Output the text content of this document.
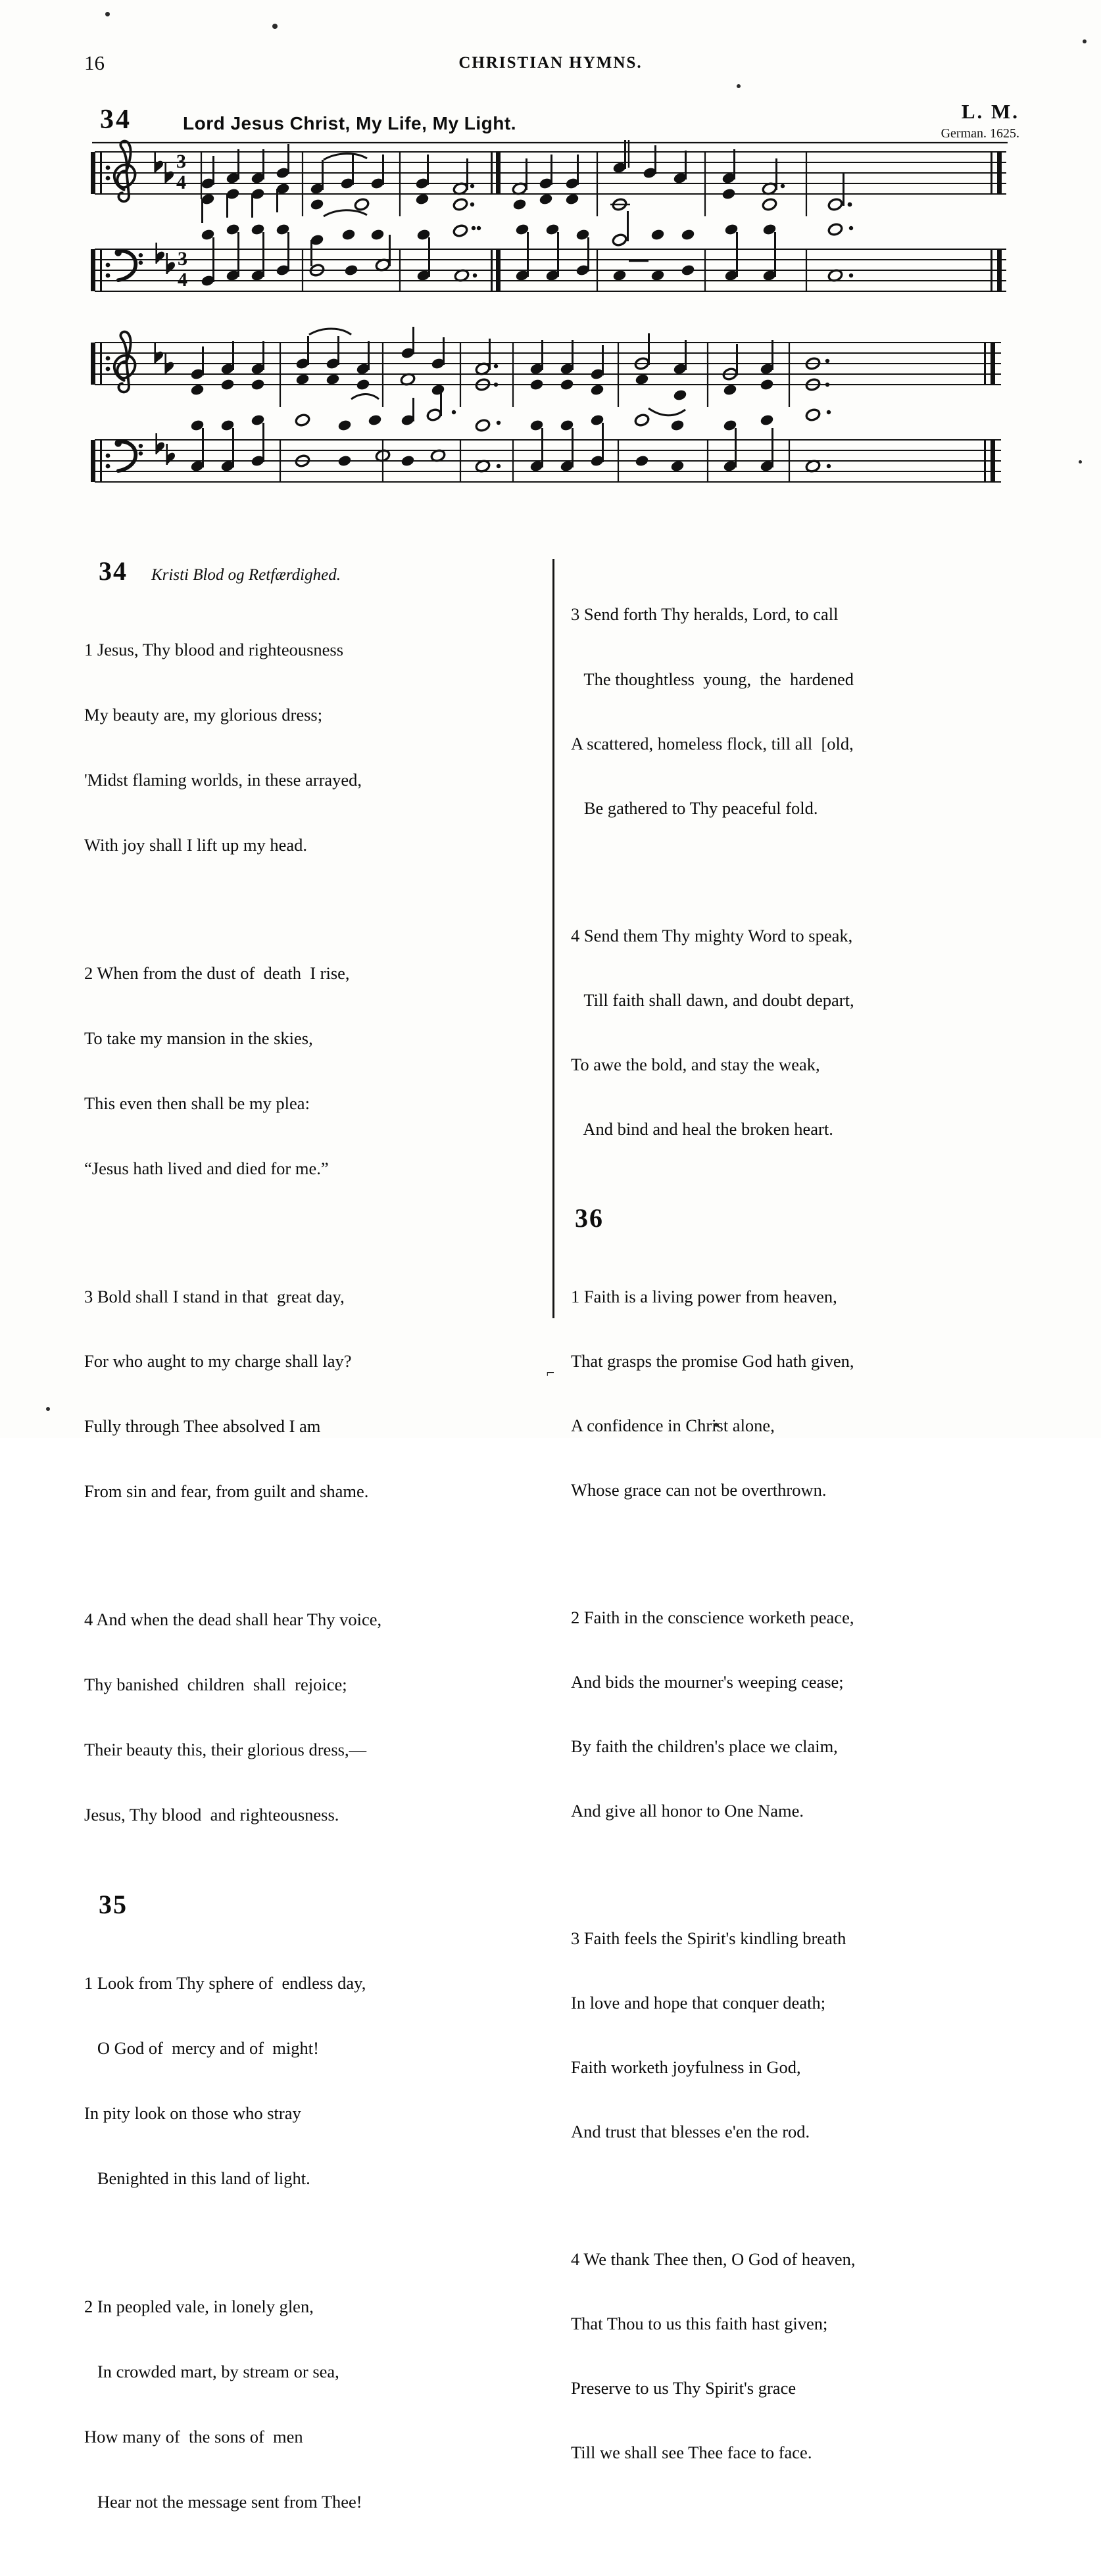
16	CHRISTIAN HYMNS.
34	Lord Jesus Christ, My Life, My Light.
L. M.
German. 1625.
3
4
3
4
34 Kristi Blod og Retfærdighed.

1 Jesus, Thy blood and righteousness

My beauty are, my glorious dress;

'Midst flaming worlds, in these arrayed,

With joy shall I lift up my head.

2 When from the dust of  death  I rise,

To take my mansion in the skies,

This even then shall be my plea:

“Jesus hath lived and died for me.”

3 Bold shall I stand in that  great day,

For who aught to my charge shall lay?

Fully through Thee absolved I am

From sin and fear, from guilt and shame.

4 And when the dead shall hear Thy voice,

Thy banished  children  shall  rejoice;

Their beauty this, their glorious dress,—

Jesus, Thy blood  and righteousness.

35

1 Look from Thy sphere of  endless day,

O God of  mercy and of  might!

In pity look on those who stray

Benighted in this land of light.

2 In peopled vale, in lonely glen,

In crowded mart, by stream or sea,

How many of  the sons of  men

Hear not the message sent from Thee!

3 Send forth Thy heralds, Lord, to call

The thoughtless  young,  the  hardened

A scattered, homeless flock, till all  [old,

Be gathered to Thy peaceful fold.

4 Send them Thy mighty Word to speak,

Till faith shall dawn, and doubt depart,

To awe the bold, and stay the weak,

And bind and heal the broken heart.

36

1 Faith is a living power from heaven,

That grasps the promise God hath given,

A confidence in Christ alone,

Whose grace can not be overthrown.

2 Faith in the conscience worketh peace,

And bids the mourner's weeping cease;

By faith the children's place we claim,

And give all honor to One Name.

3 Faith feels the Spirit's kindling breath

In love and hope that conquer death;

Faith worketh joyfulness in God,

And trust that blesses e'en the rod.

4 We thank Thee then, O God of heaven,

That Thou to us this faith hast given;

Preserve to us Thy Spirit's grace

Till we shall see Thee face to face.

⌐
